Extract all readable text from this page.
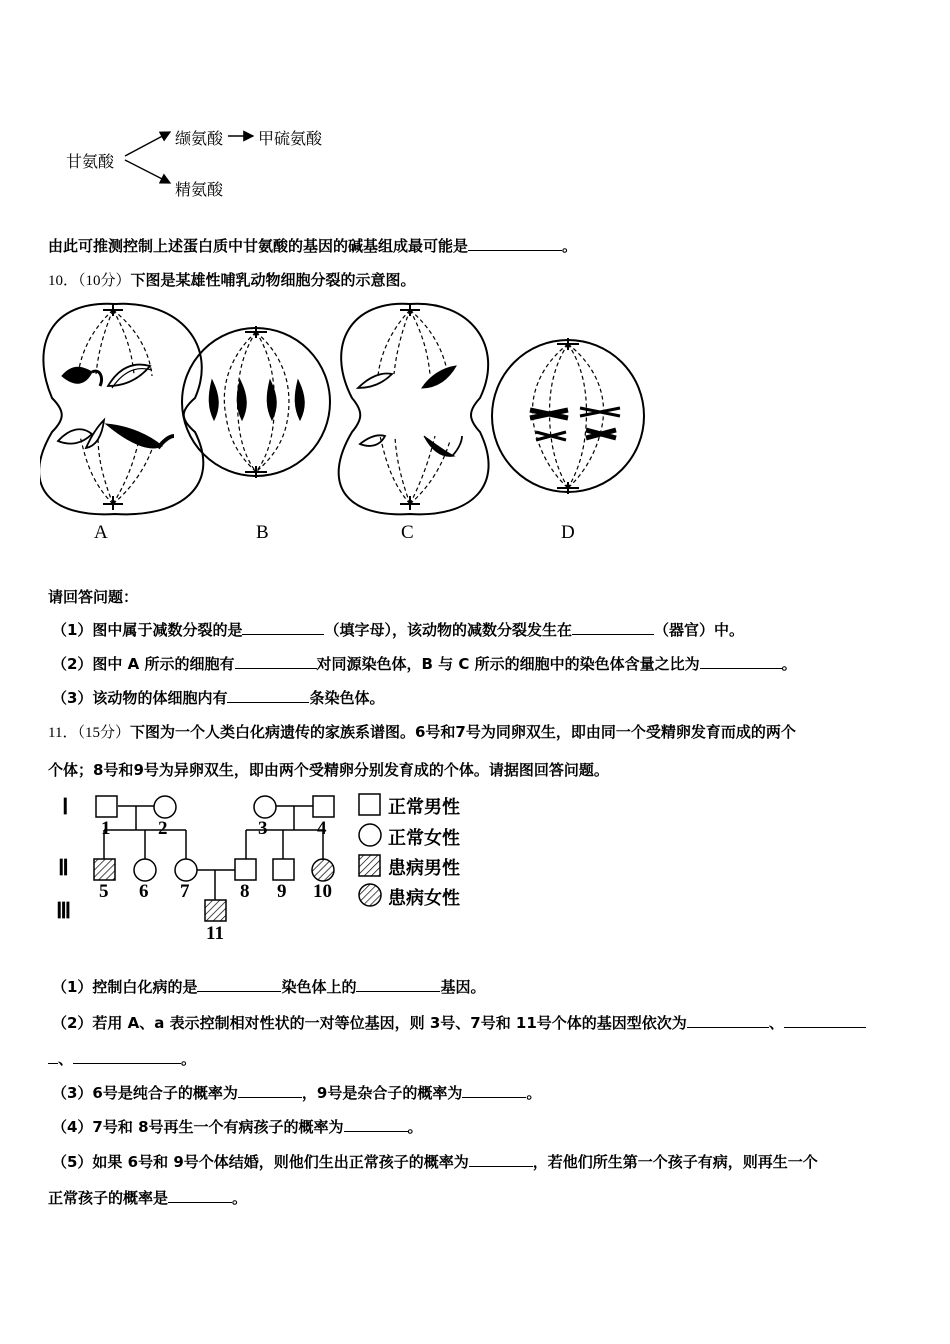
甘氨酸
缬氨酸 甲硫氨酸
精氨酸
由此可推测控制上述蛋白质中甘氨酸的基因的碱基组成最可能是	。
10．（10分）下图是某雄性哺乳动物细胞分裂的示意图。
A	B	C	D
请回答问题：
（1）图中属于减数分裂的是	（填字母），该动物的减数分裂发生在	（器官）中。
（2）图中 A 所示的细胞有	对同源染色体，B 与 C 所示的细胞中的染色体含量之比为	。
（3）该动物的体细胞内有	条染色体。
11．（15分）下图为一个人类白化病遗传的家族系谱图。6号和7号为同卵双生，即由同一个受精卵发育而成的两个
个体；8号和9号为异卵双生，即由两个受精卵分别发育成的个体。请据图回答问题。
Ⅰ
Ⅱ
Ⅲ
1	2	3	4
5 6 7	8 9 10
11
正常男性
正常女性
患病男性
患病女性
（1）控制白化病的是	染色体上的	基因。
（2）若用 A、a 表示控制相对性状的一对等位基因，则 3号、7号和 11号个体的基因型依次为	、
、	。
（3）6号是纯合子的概率为	，9号是杂合子的概率为	。
（4）7号和 8号再生一个有病孩子的概率为	。
（5）如果 6号和 9号个体结婚，则他们生出正常孩子的概率为	，若他们所生第一个孩子有病，则再生一个
正常孩子的概率是	。
